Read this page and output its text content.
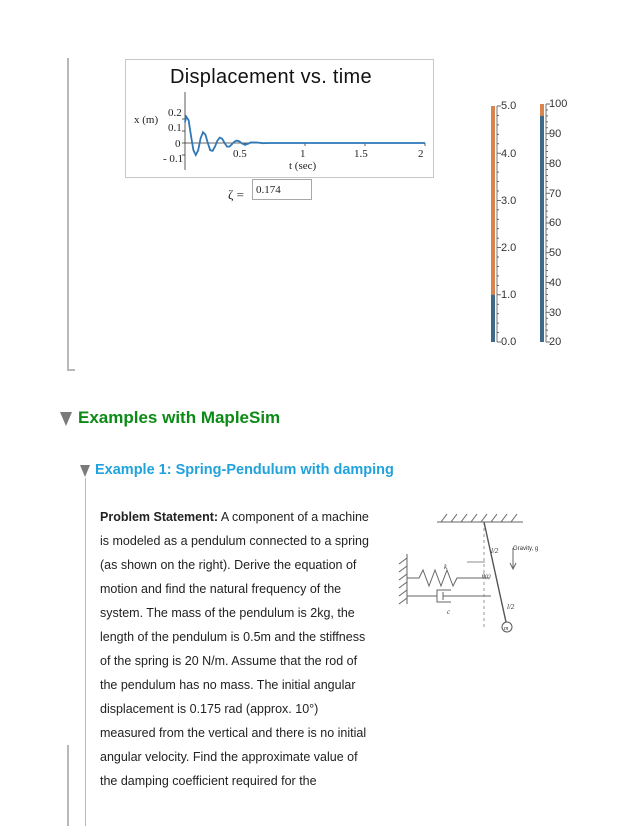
Displacement vs. time
x (m)
0.2
0.1
0
- 0.1	0.5	1	1.5	2
t (sec)
ζ =
0.174
5.0
4.0
3.0
2.0
1.0
0.0
100
90
80
70
60
50
40
30
20
Examples with MapleSim
Example 1: Spring-Pendulum with damping
Problem Statement: A component of a machine
is modeled as a pendulum connected to a spring
(as shown on the right). Derive the equation of
motion and find the natural frequency of the
system. The mass of the pendulum is 2kg, the
length of the pendulum is 0.5m and the stiffness
of the spring is 20 N/m. Assume that the rod of
the pendulum has no mass. The initial angular
displacement is 0.175 rad (approx. 10°)
measured from the vertical and there is no initial
angular velocity. Find the approximate value of
the damping coefficient required for the
l/2
l/2
Gravity, g
θ(t)
k
c
m
